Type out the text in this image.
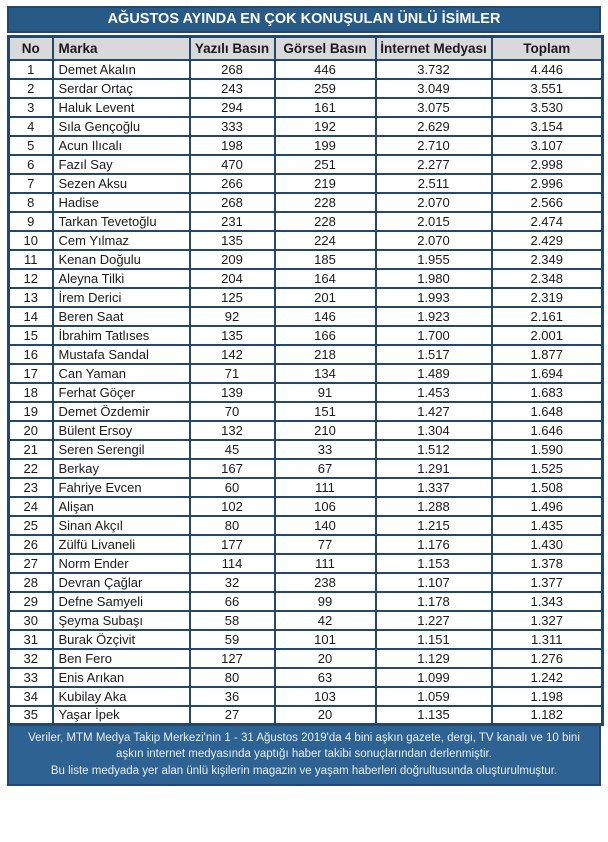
AĞUSTOS AYINDA EN ÇOK KONUŞULAN ÜNLÜ İSİMLER
No	Marka	Yazılı Basın	Görsel Basın	İnternet Medyası	Toplam
1	Demet Akalın	268	446	3.732	4.446
2	Serdar Ortaç	243	259	3.049	3.551
3	Haluk Levent	294	161	3.075	3.530
4	Sıla Gençoğlu	333	192	2.629	3.154
5	Acun Ilıcalı	198	199	2.710	3.107
6	Fazıl Say	470	251	2.277	2.998
7	Sezen Aksu	266	219	2.511	2.996
8	Hadise	268	228	2.070	2.566
9	Tarkan Tevetoğlu	231	228	2.015	2.474
10	Cem Yılmaz	135	224	2.070	2.429
11	Kenan Doğulu	209	185	1.955	2.349
12	Aleyna Tilki	204	164	1.980	2.348
13	İrem Derici	125	201	1.993	2.319
14	Beren Saat	92	146	1.923	2.161
15	İbrahim Tatlıses	135	166	1.700	2.001
16	Mustafa Sandal	142	218	1.517	1.877
17	Can Yaman	71	134	1.489	1.694
18	Ferhat Göçer	139	91	1.453	1.683
19	Demet Özdemir	70	151	1.427	1.648
20	Bülent Ersoy	132	210	1.304	1.646
21	Seren Serengil	45	33	1.512	1.590
22	Berkay	167	67	1.291	1.525
23	Fahriye Evcen	60	111	1.337	1.508
24	Alişan	102	106	1.288	1.496
25	Sinan Akçıl	80	140	1.215	1.435
26	Zülfü Livaneli	177	77	1.176	1.430
27	Norm Ender	114	111	1.153	1.378
28	Devran Çağlar	32	238	1.107	1.377
29	Defne Samyeli	66	99	1.178	1.343
30	Şeyma Subaşı	58	42	1.227	1.327
31	Burak Özçivit	59	101	1.151	1.311
32	Ben Fero	127	20	1.129	1.276
33	Enis Arıkan	80	63	1.099	1.242
34	Kubilay Aka	36	103	1.059	1.198
35	Yaşar İpek	27	20	1.135	1.182
Veriler, MTM Medya Takip Merkezi'nin 1 - 31 Ağustos 2019'da 4 bini aşkın gazete, dergi, TV kanalı ve 10 bini aşkın internet medyasında yaptığı haber takibi sonuçlarından derlenmiştir.
Bu liste medyada yer alan ünlü kişilerin magazin ve yaşam haberleri doğrultusunda oluşturulmuştur.
